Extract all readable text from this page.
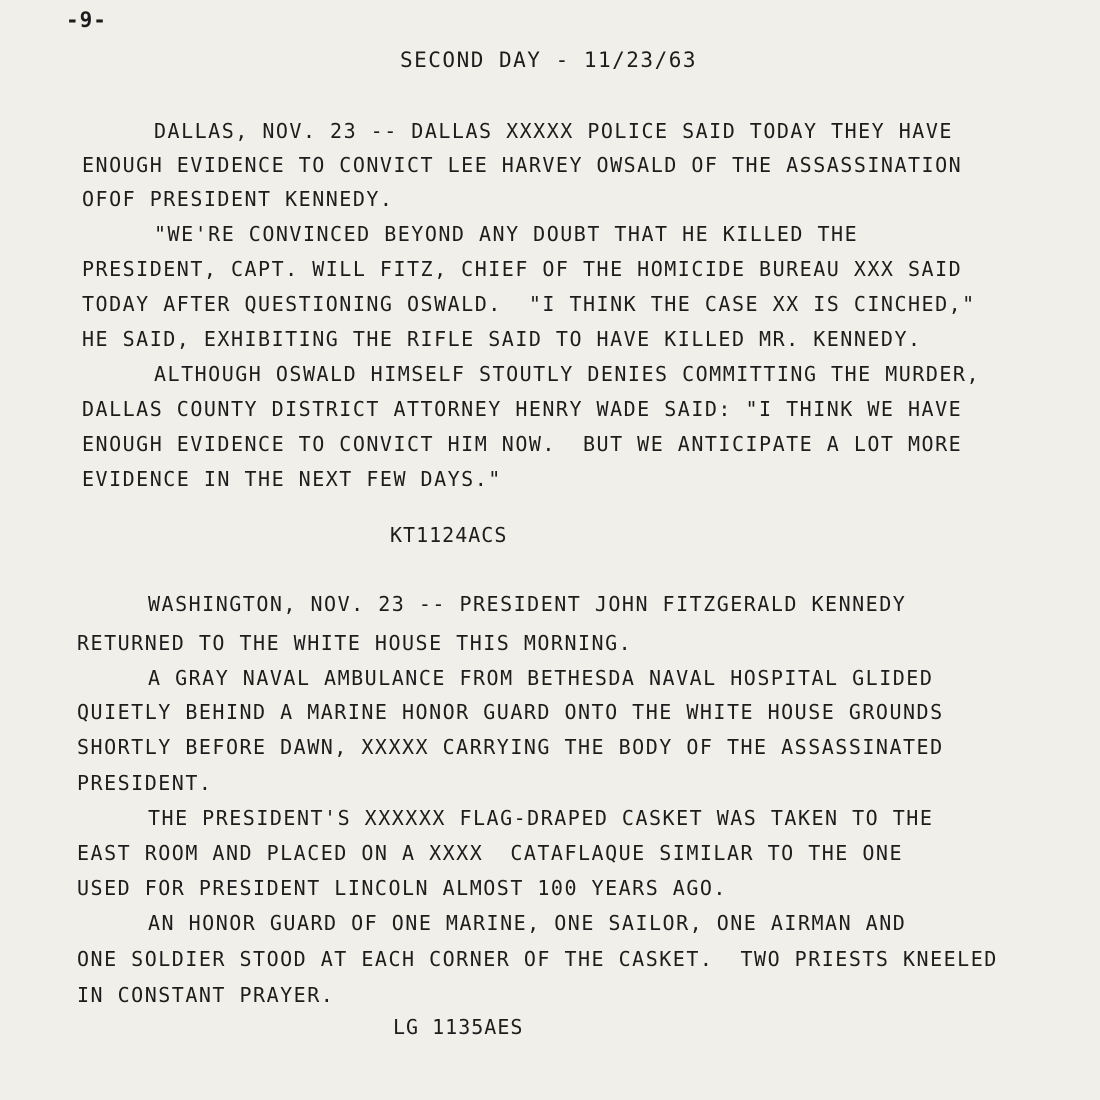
-9-
SECOND DAY - 11/23/63
DALLAS, NOV. 23 -- DALLAS XXXXX POLICE SAID TODAY THEY HAVE
ENOUGH EVIDENCE TO CONVICT LEE HARVEY OWSALD OF THE ASSASSINATION
OFOF PRESIDENT KENNEDY.
"WE'RE CONVINCED BEYOND ANY DOUBT THAT HE KILLED THE
PRESIDENT, CAPT. WILL FITZ, CHIEF OF THE HOMICIDE BUREAU XXX SAID
TODAY AFTER QUESTIONING OSWALD.  "I THINK THE CASE XX IS CINCHED,"
HE SAID, EXHIBITING THE RIFLE SAID TO HAVE KILLED MR. KENNEDY.
ALTHOUGH OSWALD HIMSELF STOUTLY DENIES COMMITTING THE MURDER,
DALLAS COUNTY DISTRICT ATTORNEY HENRY WADE SAID: "I THINK WE HAVE
ENOUGH EVIDENCE TO CONVICT HIM NOW.  BUT WE ANTICIPATE A LOT MORE
EVIDENCE IN THE NEXT FEW DAYS."
KT1124ACS
WASHINGTON, NOV. 23 -- PRESIDENT JOHN FITZGERALD KENNEDY
RETURNED TO THE WHITE HOUSE THIS MORNING.
A GRAY NAVAL AMBULANCE FROM BETHESDA NAVAL HOSPITAL GLIDED
QUIETLY BEHIND A MARINE HONOR GUARD ONTO THE WHITE HOUSE GROUNDS
SHORTLY BEFORE DAWN, XXXXX CARRYING THE BODY OF THE ASSASSINATED
PRESIDENT.
THE PRESIDENT'S XXXXXX FLAG-DRAPED CASKET WAS TAKEN TO THE
EAST ROOM AND PLACED ON A XXXX  CATAFLAQUE SIMILAR TO THE ONE
USED FOR PRESIDENT LINCOLN ALMOST 100 YEARS AGO.
AN HONOR GUARD OF ONE MARINE, ONE SAILOR, ONE AIRMAN AND
ONE SOLDIER STOOD AT EACH CORNER OF THE CASKET.  TWO PRIESTS KNEELED
IN CONSTANT PRAYER.
LG 1135AES
